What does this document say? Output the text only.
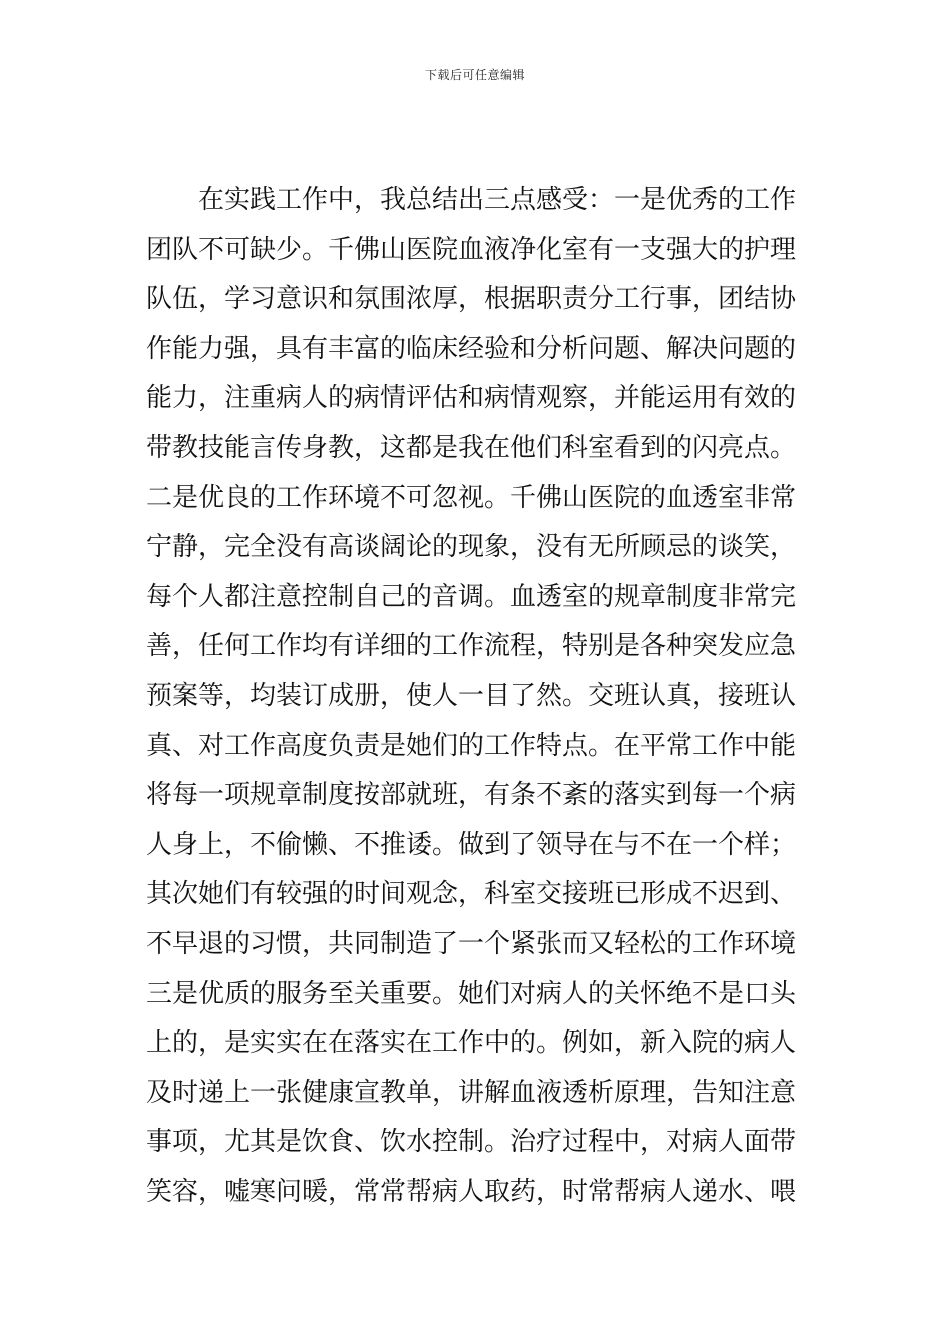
下载后可任意编辑
在实践工作中，我总结出三点感受：一是优秀的工作
团队不可缺少。千佛山医院血液净化室有一支强大的护理
队伍，学习意识和氛围浓厚，根据职责分工行事，团结协
作能力强，具有丰富的临床经验和分析问题、解决问题的
能力，注重病人的病情评估和病情观察，并能运用有效的
带教技能言传身教，这都是我在他们科室看到的闪亮点。
二是优良的工作环境不可忽视。千佛山医院的血透室非常
宁静，完全没有高谈阔论的现象，没有无所顾忌的谈笑，
每个人都注意控制自己的音调。血透室的规章制度非常完
善，任何工作均有详细的工作流程，特别是各种突发应急
预案等，均装订成册，使人一目了然。交班认真，接班认
真、对工作高度负责是她们的工作特点。在平常工作中能
将每一项规章制度按部就班，有条不紊的落实到每一个病
人身上，不偷懒、不推诿。做到了领导在与不在一个样；
其次她们有较强的时间观念，科室交接班已形成不迟到、
不早退的习惯，共同制造了一个紧张而又轻松的工作环境
三是优质的服务至关重要。她们对病人的关怀绝不是口头
上的，是实实在在落实在工作中的。例如，新入院的病人
及时递上一张健康宣教单，讲解血液透析原理，告知注意
事项，尤其是饮食、饮水控制。治疗过程中，对病人面带
笑容，嘘寒问暖，常常帮病人取药，时常帮病人递水、喂
